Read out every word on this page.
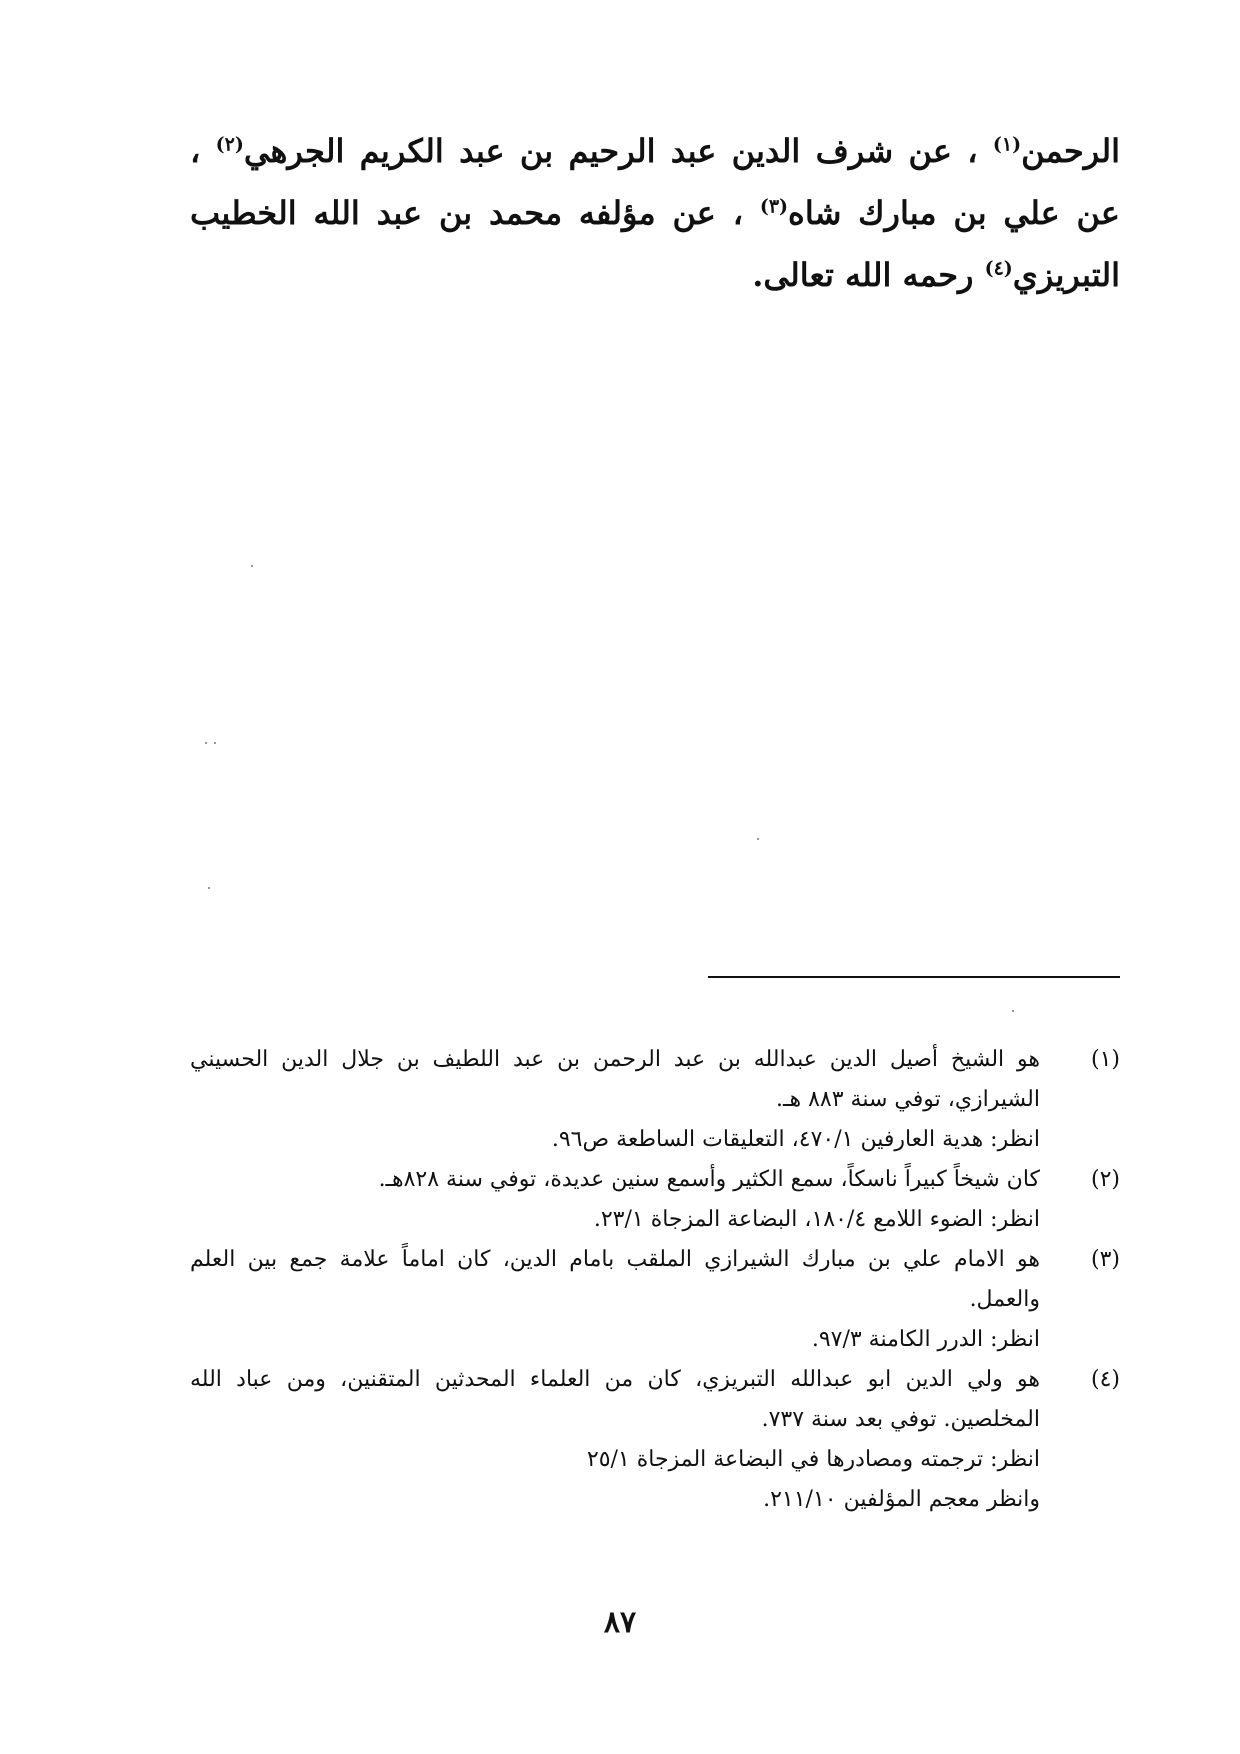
الرحمن$^{(١)}$ ، عن شرف الدين عبد الرحيم بن عبد الكريم الجرهي$^{(٢)}$ ، عن علي بن مبارك شاه$^{(٣)}$ ، عن مؤلفه محمد بن عبد الله الخطيب التبريزي$^{(٤)}$ رحمه الله تعالى.
(١)
هو الشيخ أصيل الدين عبدالله بن عبد الرحمن بن عبد اللطيف بن جلال الدين الحسيني الشيرازي، توفي سنة ٨٨٣ هـ.
انظر: هدية العارفين ٤٧٠/١، التعليقات الساطعة ص٩٦.
(٢)
كان شيخاً كبيراً ناسكاً، سمع الكثير وأسمع سنين عديدة، توفي سنة ٨٢٨هـ.
انظر: الضوء اللامع ١٨٠/٤، البضاعة المزجاة ٢٣/١.
(٣)
هو الامام علي بن مبارك الشيرازي الملقب بامام الدين، كان اماماً علامة جمع بين العلم والعمل.
انظر: الدرر الكامنة ٩٧/٣.
(٤)
هو ولي الدين ابو عبدالله التبريزي، كان من العلماء المحدثين المتقنين، ومن عباد الله المخلصين. توفي بعد سنة ٧٣٧.
انظر: ترجمته ومصادرها في البضاعة المزجاة ٢٥/١
وانظر معجم المؤلفين ٢١١/١٠.
٨٧
